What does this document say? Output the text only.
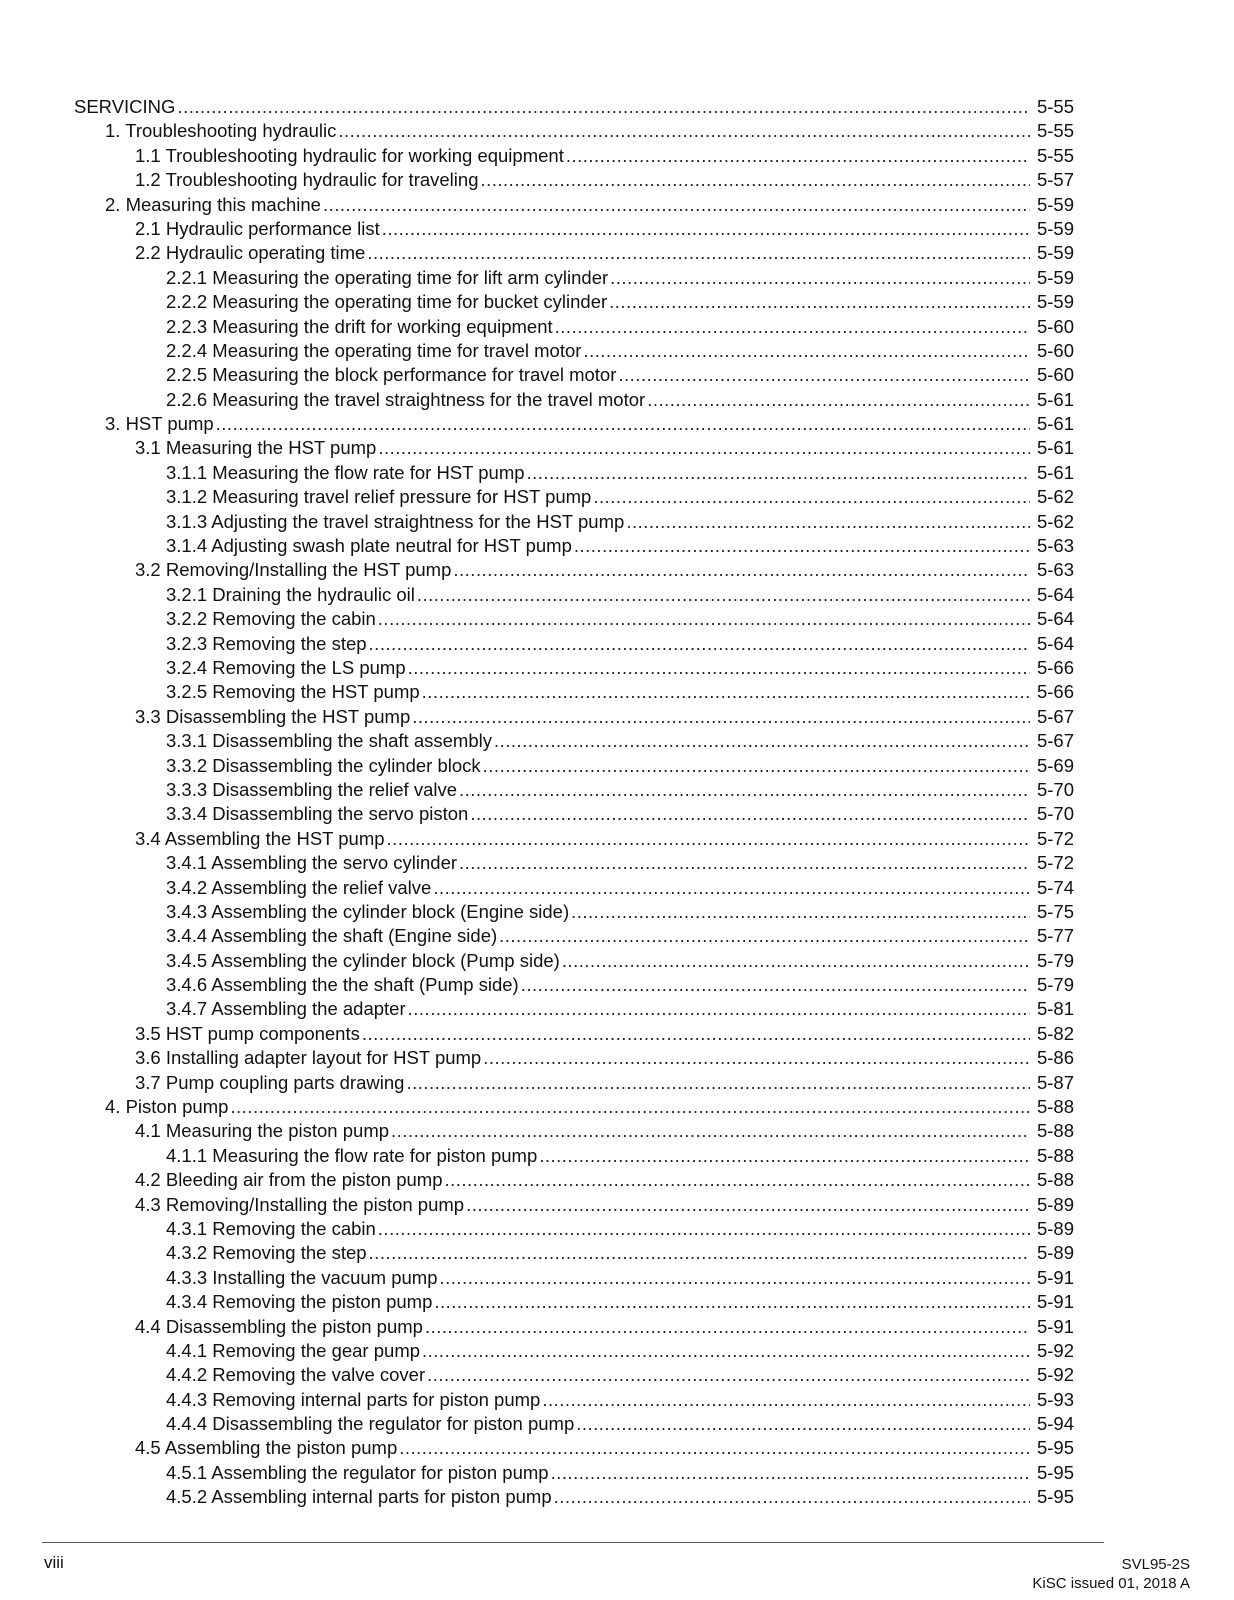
SERVICING .....	5-55
1. Troubleshooting hydraulic .....	5-55
1.1 Troubleshooting hydraulic for working equipment .....	5-55
1.2 Troubleshooting hydraulic for traveling .....	5-57
2. Measuring this machine .....	5-59
2.1 Hydraulic performance list .....	5-59
2.2 Hydraulic operating time .....	5-59
2.2.1 Measuring the operating time for lift arm cylinder .....	5-59
2.2.2 Measuring the operating time for bucket cylinder .....	5-59
2.2.3 Measuring the drift for working equipment .....	5-60
2.2.4 Measuring the operating time for travel motor .....	5-60
2.2.5 Measuring the block performance for travel motor .....	5-60
2.2.6 Measuring the travel straightness for the travel motor .....	5-61
3. HST pump .....	5-61
3.1 Measuring the HST pump .....	5-61
3.1.1 Measuring the flow rate for HST pump .....	5-61
3.1.2 Measuring travel relief pressure for HST pump .....	5-62
3.1.3 Adjusting the travel straightness for the HST pump .....	5-62
3.1.4 Adjusting swash plate neutral for HST pump .....	5-63
3.2 Removing/Installing the HST pump .....	5-63
3.2.1 Draining the hydraulic oil .....	5-64
3.2.2 Removing the cabin .....	5-64
3.2.3 Removing the step .....	5-64
3.2.4 Removing the LS pump .....	5-66
3.2.5 Removing the HST pump .....	5-66
3.3 Disassembling the HST pump .....	5-67
3.3.1 Disassembling the shaft assembly .....	5-67
3.3.2 Disassembling the cylinder block .....	5-69
3.3.3 Disassembling the relief valve .....	5-70
3.3.4 Disassembling the servo piston .....	5-70
3.4 Assembling the HST pump .....	5-72
3.4.1 Assembling the servo cylinder .....	5-72
3.4.2 Assembling the relief valve .....	5-74
3.4.3 Assembling the cylinder block (Engine side) .....	5-75
3.4.4 Assembling the shaft (Engine side) .....	5-77
3.4.5 Assembling the cylinder block (Pump side) .....	5-79
3.4.6 Assembling the the shaft (Pump side) .....	5-79
3.4.7 Assembling the adapter .....	5-81
3.5 HST pump components .....	5-82
3.6 Installing adapter layout for HST pump .....	5-86
3.7 Pump coupling parts drawing .....	5-87
4. Piston pump .....	5-88
4.1 Measuring the piston pump .....	5-88
4.1.1 Measuring the flow rate for piston pump .....	5-88
4.2 Bleeding air from the piston pump .....	5-88
4.3 Removing/Installing the piston pump .....	5-89
4.3.1 Removing the cabin .....	5-89
4.3.2 Removing the step .....	5-89
4.3.3 Installing the vacuum pump .....	5-91
4.3.4 Removing the piston pump .....	5-91
4.4 Disassembling the piston pump .....	5-91
4.4.1 Removing the gear pump .....	5-92
4.4.2 Removing the valve cover .....	5-92
4.4.3 Removing internal parts for piston pump .....	5-93
4.4.4 Disassembling the regulator for piston pump .....	5-94
4.5 Assembling the piston pump .....	5-95
4.5.1 Assembling the regulator for piston pump .....	5-95
4.5.2 Assembling internal parts for piston pump .....	5-95
viii	SVL95-2S
KiSC issued 01, 2018 A
